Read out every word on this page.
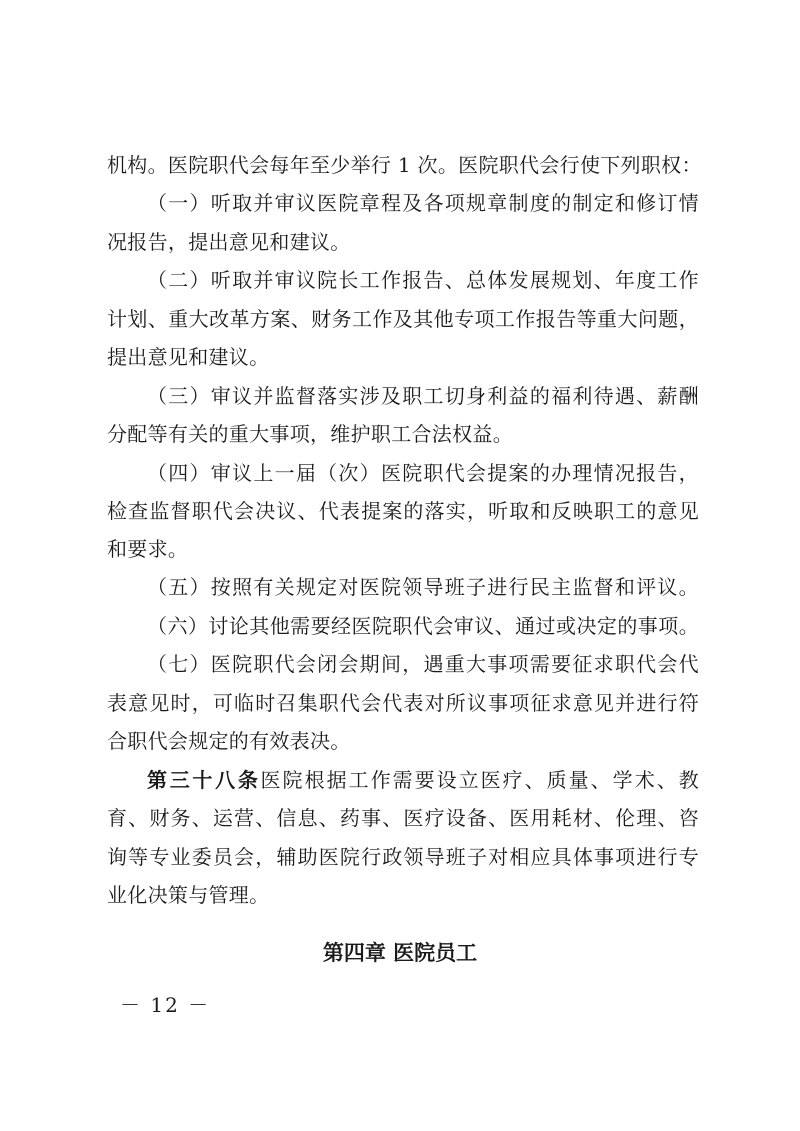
机构。医院职代会每年至少举行 1 次。医院职代会行使下列职权：
（一）听取并审议医院章程及各项规章制度的制定和修订情
况报告，提出意见和建议。
（二）听取并审议院长工作报告、总体发展规划、年度工作
计划、重大改革方案、财务工作及其他专项工作报告等重大问题，
提出意见和建议。
（三）审议并监督落实涉及职工切身利益的福利待遇、薪酬
分配等有关的重大事项，维护职工合法权益。
（四）审议上一届（次）医院职代会提案的办理情况报告，
检查监督职代会决议、代表提案的落实，听取和反映职工的意见
和要求。
（五）按照有关规定对医院领导班子进行民主监督和评议。
（六）讨论其他需要经医院职代会审议、通过或决定的事项。
（七）医院职代会闭会期间，遇重大事项需要征求职代会代
表意见时，可临时召集职代会代表对所议事项征求意见并进行符
合职代会规定的有效表决。
第三十八条医院根据工作需要设立医疗、质量、学术、教
育、财务、运营、信息、药事、医疗设备、医用耗材、伦理、咨
询等专业委员会，辅助医院行政领导班子对相应具体事项进行专
业化决策与管理。
第四章 医院员工
－ 12 －
